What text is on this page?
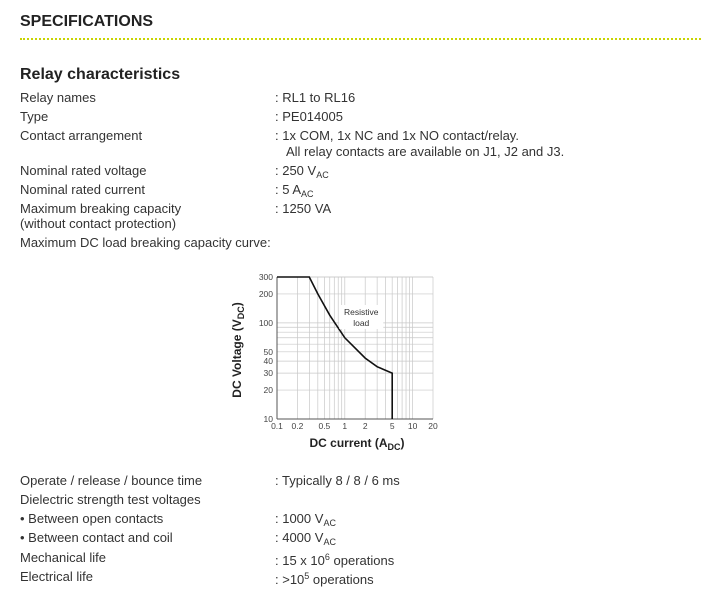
SPECIFICATIONS
Relay characteristics
Relay names	: RL1 to RL16
Type	: PE014005
Contact arrangement	: 1x COM, 1x NC and 1x NO contact/relay.
All relay contacts are available on J1, J2 and J3.
Nominal rated voltage	: 250 $V_{AC}$
Nominal rated current	: 5 $A_{AC}$
Maximum breaking capacity
(without contact protection)
: 1250 VA
Maximum DC load breaking capacity curve:
0.1 0.2 0.5 1 2	5 10 20
300
200
100
50
40
30
20
10
Resistive
load
DC current $(A_{DC})$
DC Voltage $(V_{DC})$
Operate / release / bounce time	: Typically 8 / 8 / 6 ms
Dielectric strength test voltages
• Between open contacts	: 1000 $V_{AC}$
• Between contact and coil	: 4000 $V_{AC}$
Mechanical life	: 15 x $10^6$ operations
Electrical life	: $>10^5$ operations
